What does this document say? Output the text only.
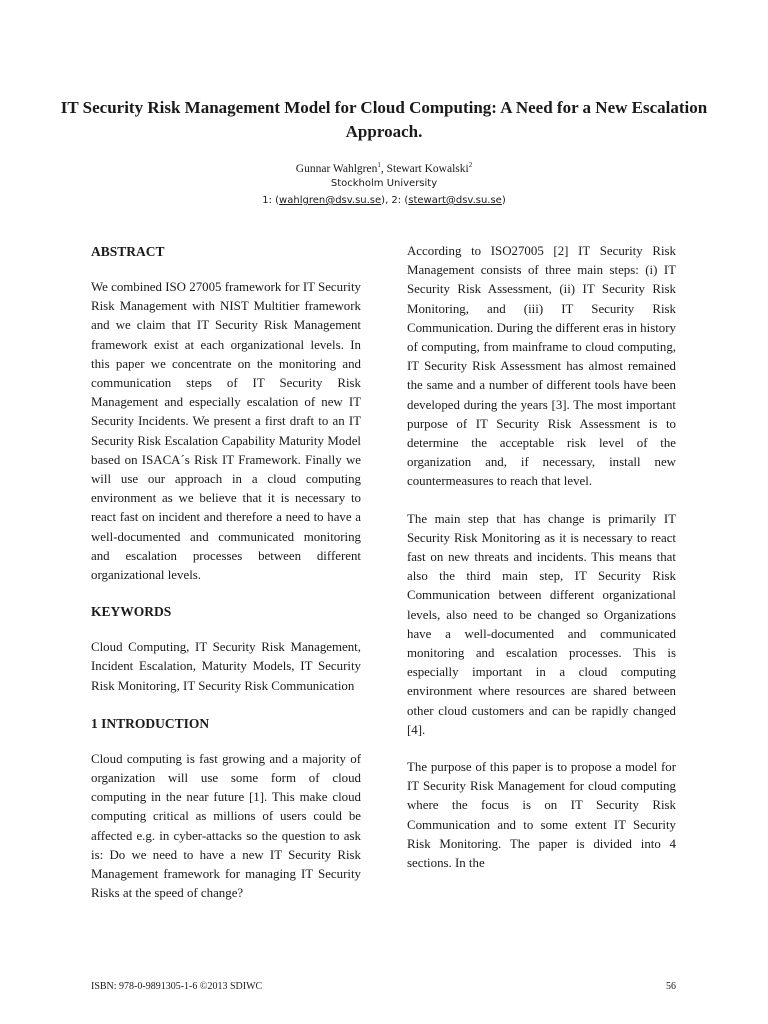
IT Security Risk Management Model for Cloud Computing: A Need for a New Escalation Approach.
Gunnar Wahlgren$^1$, Stewart Kowalski$^2$
Stockholm University
1: (wahlgren@dsv.su.se), 2: (stewart@dsv.su.se)
ABSTRACT

We combined ISO 27005 framework for IT Security Risk Management with NIST Multitier framework and we claim that IT Security Risk Management framework exist at each organizational levels. In this paper we concentrate on the monitoring and communication steps of IT Security Risk Management and especially escalation of new IT Security Incidents. We present a first draft to an IT Security Risk Escalation Capability Maturity Model based on ISACA´s Risk IT Framework. Finally we will use our approach in a cloud computing environment as we believe that it is necessary to react fast on incident and therefore a need to have a well-documented and communicated monitoring and escalation processes between different organizational levels.

KEYWORDS

Cloud Computing, IT Security Risk Management, Incident Escalation, Maturity Models, IT Security Risk Monitoring, IT Security Risk Communication

1 INTRODUCTION

Cloud computing is fast growing and a majority of organization will use some form of cloud computing in the near future [1]. This make cloud computing critical as millions of users could be affected e.g. in cyber-attacks so the question to ask is: Do we need to have a new IT Security Risk Management framework for managing IT Security Risks at the speed of change?

According to ISO27005 [2] IT Security Risk Management consists of three main steps: (i) IT Security Risk Assessment, (ii) IT Security Risk Monitoring, and (iii) IT Security Risk Communication. During the different eras in history of computing, from mainframe to cloud computing, IT Security Risk Assessment has almost remained the same and a number of different tools have been developed during the years [3]. The most important purpose of IT Security Risk Assessment is to determine the acceptable risk level of the organization and, if necessary, install new countermeasures to reach that level.

The main step that has change is primarily IT Security Risk Monitoring as it is necessary to react fast on new threats and incidents. This means that also the third main step, IT Security Risk Communication between different organizational levels, also need to be changed so Organizations have a well-documented and communicated monitoring and escalation processes. This is especially important in a cloud computing environment where resources are shared between other cloud customers and can be rapidly changed [4].

The purpose of this paper is to propose a model for IT Security Risk Management for cloud computing where the focus is on IT Security Risk Communication and to some extent IT Security Risk Monitoring. The paper is divided into 4 sections. In the

ISBN: 978-0-9891305-1-6 ©2013 SDIWC	56
